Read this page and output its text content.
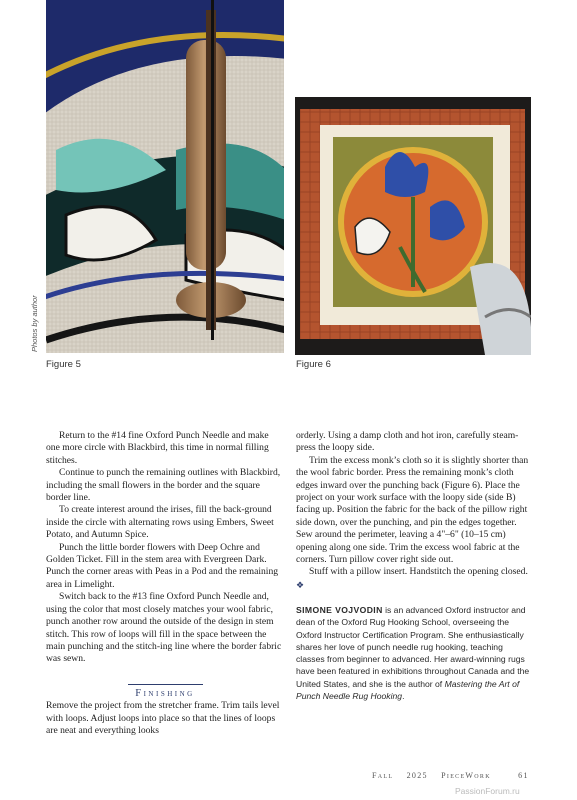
Photos by author
Figure 5	Figure 6

Return to the #14 fine Oxford Punch Needle and make one more circle with Blackbird, this time in normal filling stitches.

Continue to punch the remaining outlines with Blackbird, including the small flowers in the border and the square border line.

To create interest around the irises, fill the back-ground inside the circle with alternating rows using Embers, Sweet Potato, and Autumn Spice.

Punch the little border flowers with Deep Ochre and Golden Ticket. Fill in the stem area with Evergreen Dark. Punch the corner areas with Peas in a Pod and the remaining area in Limelight.

Switch back to the #13 fine Oxford Punch Needle and, using the color that most closely matches your wool fabric, punch another row around the outside of the design in stem stitch. This row of loops will fill in the space between the main punching and the stitch-ing line where the border fabric was sewn.

Finishing

Remove the project from the stretcher frame. Trim tails level with loops. Adjust loops into place so that the lines of loops are neat and everything looks

orderly. Using a damp cloth and hot iron, carefully steam-press the loopy side.

Trim the excess monk’s cloth so it is slightly shorter than the wool fabric border. Press the remaining monk’s cloth edges inward over the punching back (Figure 6). Place the project on your work surface with the loopy side (side B) facing up. Position the fabric for the back of the pillow right side down, over the punching, and pin the edges together. Sew around the perimeter, leaving a 4"–6" (10–15 cm) opening along one side. Trim the excess wool fabric at the corners. Turn pillow cover right side out.

Stuff with a pillow insert. Handstitch the opening closed. ❖

SIMONE VOJVODIN is an advanced Oxford instructor and dean of the Oxford Rug Hooking School, overseeing the Oxford Instructor Certification Program. She enthusiastically shares her love of punch needle rug hooking, teaching classes from beginner to advanced. Her award-winning rugs have been featured in exhibitions throughout Canada and the United States, and she is the author of Mastering the Art of Punch Needle Rug Hooking.
Fall 2025 PieceWork	61
PassionForum.ru
